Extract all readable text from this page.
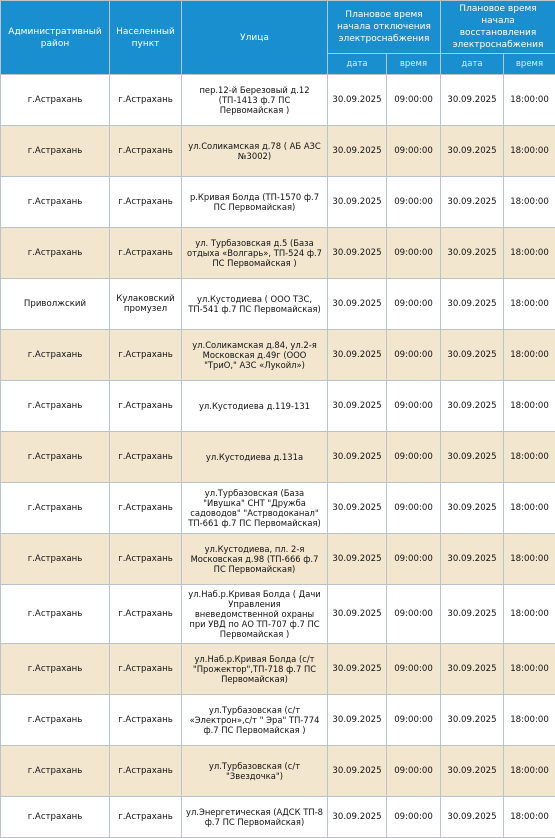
Административный район	Населенный пункт	Улица	Плановое время начала отключения электроснабжения		Плановое время начала восстановления электроснабжения	
			дата	время	дата	время
г.Астрахань	г.Астрахань	пер.12-й Березовый д.12 (ТП-1413 ф.7 ПС Первомайская )	30.09.2025	09:00:00	30.09.2025	18:00:00
г.Астрахань	г.Астрахань	ул.Соликамская д.78 ( АБ АЗС №3002)	30.09.2025	09:00:00	30.09.2025	18:00:00
г.Астрахань	г.Астрахань	р.Кривая Болда (ТП-1570 ф.7 ПС Первомайская)	30.09.2025	09:00:00	30.09.2025	18:00:00
г.Астрахань	г.Астрахань	ул. Турбазовская д.5 (База отдыха «Волгарь», ТП-524 ф.7 ПС Первомайская )	30.09.2025	09:00:00	30.09.2025	18:00:00
Приволжский	Кулаковский промузел	ул.Кустодиева ( ООО ТЗС, ТП-541 ф.7 ПС Первомайская)	30.09.2025	09:00:00	30.09.2025	18:00:00
г.Астрахань	г.Астрахань	ул.Соликамская д.84, ул.2-я Московская д.49г (ООО "ТриО," АЗС «Лукойл»)	30.09.2025	09:00:00	30.09.2025	18:00:00
г.Астрахань	г.Астрахань	ул.Кустодиева д.119-131	30.09.2025	09:00:00	30.09.2025	18:00:00
г.Астрахань	г.Астрахань	ул.Кустодиева д.131а	30.09.2025	09:00:00	30.09.2025	18:00:00
г.Астрахань	г.Астрахань	ул.Турбазовская (База "Ивушка" СНТ "Дружба садоводов" "Астрводоканал" ТП-661 ф.7 ПС Первомайская)	30.09.2025	09:00:00	30.09.2025	18:00:00
г.Астрахань	г.Астрахань	ул.Кустодиева, пл. 2-я Московская д.98 (ТП-666 ф.7 ПС Первомайская)	30.09.2025	09:00:00	30.09.2025	18:00:00
г.Астрахань	г.Астрахань	ул.Наб.р.Кривая Болда ( Дачи Управления вневедомственной охраны при УВД по АО ТП-707 ф.7 ПС Первомайская )	30.09.2025	09:00:00	30.09.2025	18:00:00
г.Астрахань	г.Астрахань	ул.Наб.р.Кривая Болда (с/т "Прожектор",ТП-718 ф.7 ПС Первомайская)	30.09.2025	09:00:00	30.09.2025	18:00:00
г.Астрахань	г.Астрахань	ул.Турбазовская (с/т «Электрон»,с/т " Эра" ТП-774 ф.7 ПС Первомайская )	30.09.2025	09:00:00	30.09.2025	18:00:00
г.Астрахань	г.Астрахань	ул.Турбазовская (с/т "Звездочка")	30.09.2025	09:00:00	30.09.2025	18:00:00
г.Астрахань	г.Астрахань	ул.Энергетическая (АДСК ТП-8 ф.7 ПС Первомайская)	30.09.2025	09:00:00	30.09.2025	18:00:00
